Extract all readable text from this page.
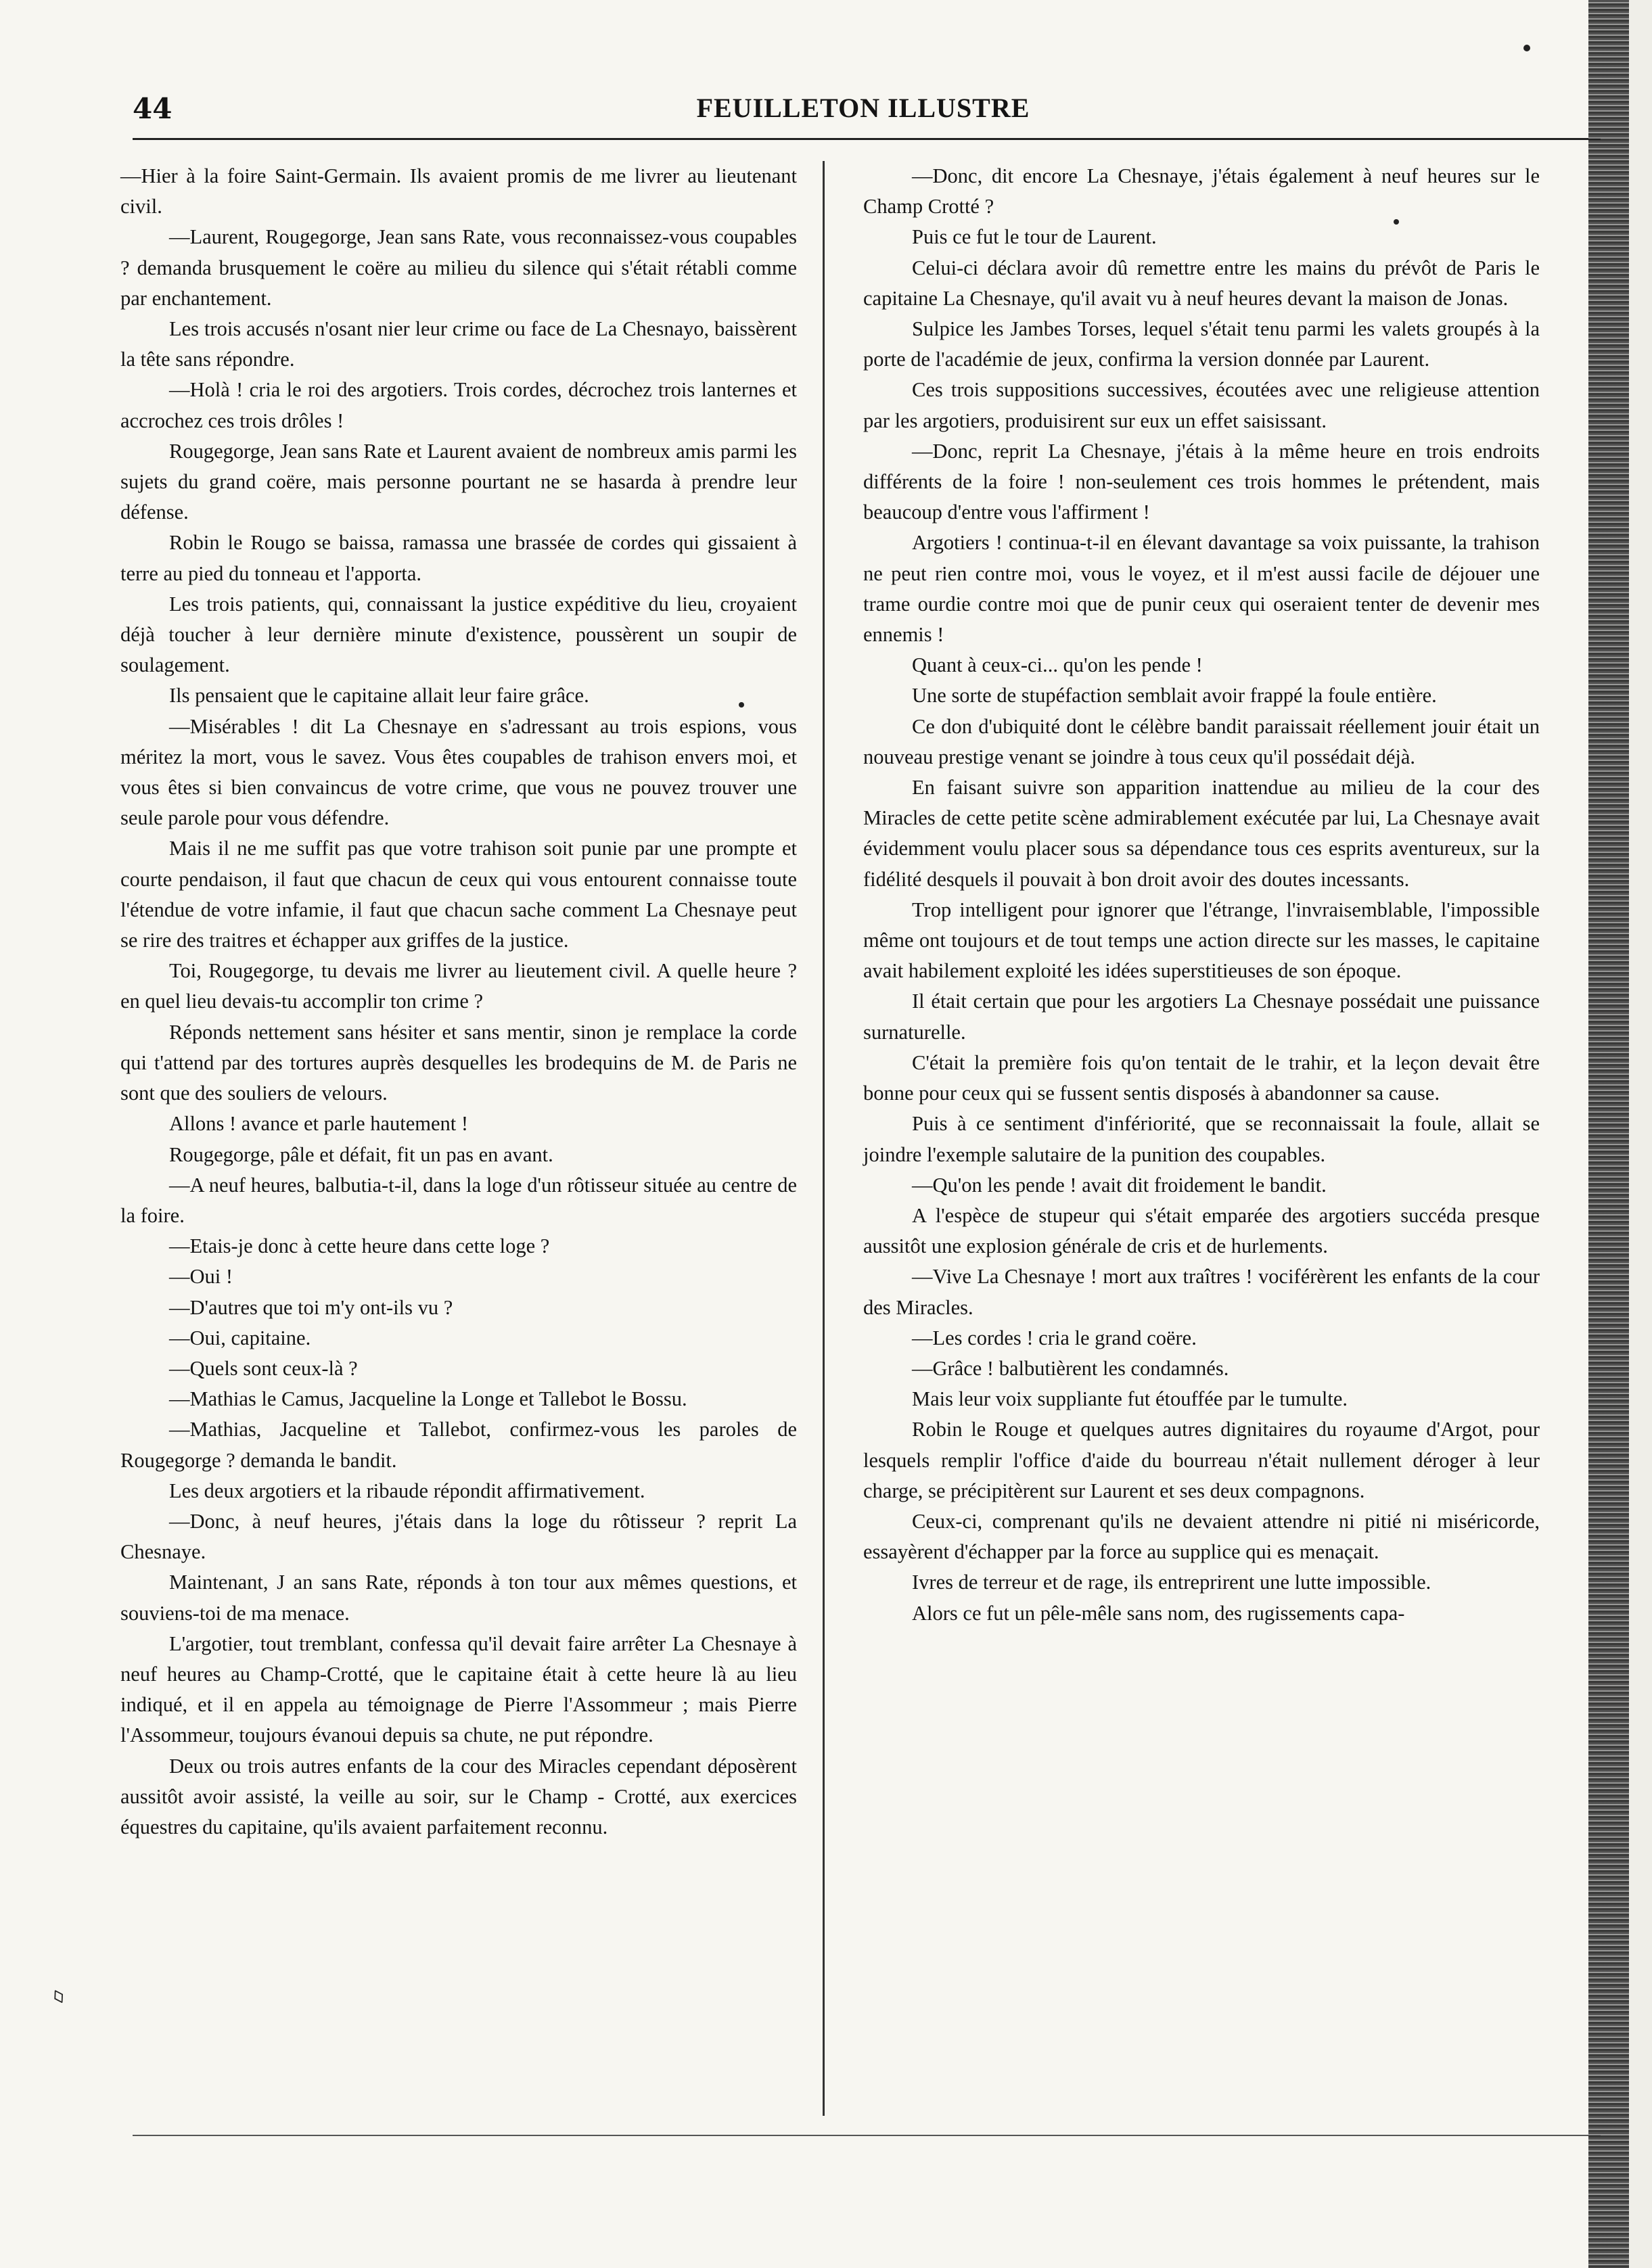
44	FEUILLETON ILLUSTRE

—Hier à la foire Saint-Germain. Ils avaient promis de me livrer au lieutenant civil.

—Laurent, Rougegorge, Jean sans Rate, vous reconnaissez-vous coupables ? demanda brusquement le coëre au milieu du silence qui s'était rétabli comme par enchantement.

Les trois accusés n'osant nier leur crime ou face de La Chesnayo, baissèrent la tête sans répondre.

—Holà ! cria le roi des argotiers. Trois cordes, décrochez trois lanternes et accrochez ces trois drôles !

Rougegorge, Jean sans Rate et Laurent avaient de nombreux amis parmi les sujets du grand coëre, mais personne pourtant ne se hasarda à prendre leur défense.

Robin le Rougo se baissa, ramassa une brassée de cordes qui gissaient à terre au pied du tonneau et l'apporta.

Les trois patients, qui, connaissant la justice expéditive du lieu, croyaient déjà toucher à leur dernière minute d'existence, poussèrent un soupir de soulagement.

Ils pensaient que le capitaine allait leur faire grâce.

—Misérables ! dit La Chesnaye en s'adressant au trois espions, vous méritez la mort, vous le savez. Vous êtes coupables de trahison envers moi, et vous êtes si bien convaincus de votre crime, que vous ne pouvez trouver une seule parole pour vous défendre.

Mais il ne me suffit pas que votre trahison soit punie par une prompte et courte pendaison, il faut que chacun de ceux qui vous entourent connaisse toute l'étendue de votre infamie, il faut que chacun sache comment La Chesnaye peut se rire des traitres et échapper aux griffes de la justice.

Toi, Rougegorge, tu devais me livrer au lieutement civil. A quelle heure ? en quel lieu devais-tu accomplir ton crime ?

Réponds nettement sans hésiter et sans mentir, sinon je remplace la corde qui t'attend par des tortures auprès desquelles les brodequins de M. de Paris ne sont que des souliers de velours.

Allons ! avance et parle hautement !

Rougegorge, pâle et défait, fit un pas en avant.

—A neuf heures, balbutia-t-il, dans la loge d'un rôtisseur située au centre de la foire.

—Etais-je donc à cette heure dans cette loge ?

—Oui !

—D'autres que toi m'y ont-ils vu ?

—Oui, capitaine.

—Quels sont ceux-là ?

—Mathias le Camus, Jacqueline la Longe et Tallebot le Bossu.

—Mathias, Jacqueline et Tallebot, confirmez-vous les paroles de Rougegorge ? demanda le bandit.

Les deux argotiers et la ribaude répondit affirmativement.

—Donc, à neuf heures, j'étais dans la loge du rôtisseur ? reprit La Chesnaye.

Maintenant, J an sans Rate, réponds à ton tour aux mêmes questions, et souviens-toi de ma menace.

L'argotier, tout tremblant, confessa qu'il devait faire arrêter La Chesnaye à neuf heures au Champ-Crotté, que le capitaine était à cette heure là au lieu indiqué, et il en appela au témoignage de Pierre l'Assommeur ; mais Pierre l'Assommeur, toujours évanoui depuis sa chute, ne put répondre.

Deux ou trois autres enfants de la cour des Miracles cependant déposèrent aussitôt avoir assisté, la veille au soir, sur le Champ - Crotté, aux exercices équestres du capitaine, qu'ils avaient parfaitement reconnu.

—Donc, dit encore La Chesnaye, j'étais également à neuf heures sur le Champ Crotté ?

Puis ce fut le tour de Laurent.

Celui-ci déclara avoir dû remettre entre les mains du prévôt de Paris le capitaine La Chesnaye, qu'il avait vu à neuf heures devant la maison de Jonas.

Sulpice les Jambes Torses, lequel s'était tenu parmi les valets groupés à la porte de l'académie de jeux, confirma la version donnée par Laurent.

Ces trois suppositions successives, écoutées avec une religieuse attention par les argotiers, produisirent sur eux un effet saisissant.

—Donc, reprit La Chesnaye, j'étais à la même heure en trois endroits différents de la foire ! non-seulement ces trois hommes le prétendent, mais beaucoup d'entre vous l'affirment !

Argotiers ! continua-t-il en élevant davantage sa voix puissante, la trahison ne peut rien contre moi, vous le voyez, et il m'est aussi facile de déjouer une trame ourdie contre moi que de punir ceux qui oseraient tenter de devenir mes ennemis !

Quant à ceux-ci... qu'on les pende !

Une sorte de stupéfaction semblait avoir frappé la foule entière.

Ce don d'ubiquité dont le célèbre bandit paraissait réellement jouir était un nouveau prestige venant se joindre à tous ceux qu'il possédait déjà.

En faisant suivre son apparition inattendue au milieu de la cour des Miracles de cette petite scène admirablement exécutée par lui, La Chesnaye avait évidemment voulu placer sous sa dépendance tous ces esprits aventureux, sur la fidélité desquels il pouvait à bon droit avoir des doutes incessants.

Trop intelligent pour ignorer que l'étrange, l'invraisemblable, l'impossible même ont toujours et de tout temps une action directe sur les masses, le capitaine avait habilement exploité les idées superstitieuses de son époque.

Il était certain que pour les argotiers La Chesnaye possédait une puissance surnaturelle.

C'était la première fois qu'on tentait de le trahir, et la leçon devait être bonne pour ceux qui se fussent sentis disposés à abandonner sa cause.

Puis à ce sentiment d'infériorité, que se reconnaissait la foule, allait se joindre l'exemple salutaire de la punition des coupables.

—Qu'on les pende ! avait dit froidement le bandit.

A l'espèce de stupeur qui s'était emparée des argotiers succéda presque aussitôt une explosion générale de cris et de hurlements.

—Vive La Chesnaye ! mort aux traîtres ! vociférèrent les enfants de la cour des Miracles.

—Les cordes ! cria le grand coëre.

—Grâce ! balbutièrent les condamnés.

Mais leur voix suppliante fut étouffée par le tumulte.

Robin le Rouge et quelques autres dignitaires du royaume d'Argot, pour lesquels remplir l'office d'aide du bourreau n'était nullement déroger à leur charge, se précipitèrent sur Laurent et ses deux compagnons.

Ceux-ci, comprenant qu'ils ne devaient attendre ni pitié ni miséricorde, essayèrent d'échapper par la force au supplice qui es menaçait.

Ivres de terreur et de rage, ils entreprirent une lutte impossible.

Alors ce fut un pêle-mêle sans nom, des rugissements capa-

◊
